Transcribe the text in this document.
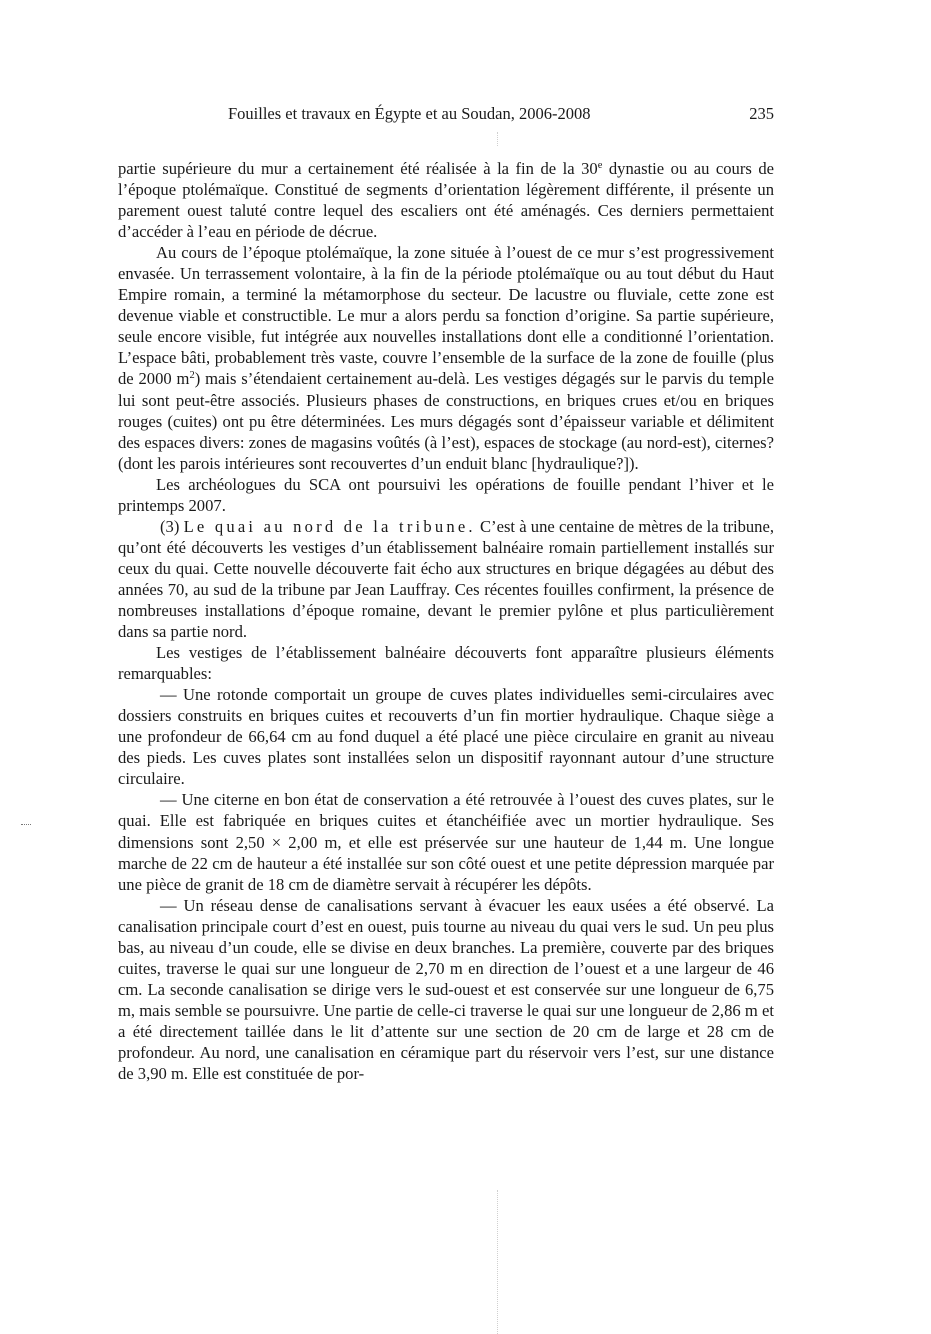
Fouilles et travaux en Égypte et au Soudan, 2006-2008	235

partie supérieure du mur a certainement été réalisée à la fin de la 30e dynastie ou au cours de l’époque ptolémaïque. Constitué de segments d’orientation légèrement différente, il présente un parement ouest taluté contre lequel des escaliers ont été aménagés. Ces derniers permettaient d’accéder à l’eau en période de décrue.

Au cours de l’époque ptolémaïque, la zone située à l’ouest de ce mur s’est progressivement envasée. Un terrassement volontaire, à la fin de la période ptolémaïque ou au tout début du Haut Empire romain, a terminé la métamorphose du secteur. De lacustre ou fluviale, cette zone est devenue viable et constructible. Le mur a alors perdu sa fonction d’origine. Sa partie supérieure, seule encore visible, fut intégrée aux nouvelles installations dont elle a conditionné l’orientation. L’espace bâti, probablement très vaste, couvre l’ensemble de la surface de la zone de fouille (plus de 2000 $m^2$) mais s’étendaient certainement au-delà. Les vestiges dégagés sur le parvis du temple lui sont peut-être associés. Plusieurs phases de constructions, en briques crues et/ou en briques rouges (cuites) ont pu être déterminées. Les murs dégagés sont d’épaisseur variable et délimitent des espaces divers: zones de magasins voûtés (à l’est), espaces de stockage (au nord-est), citernes? (dont les parois intérieures sont recouvertes d’un enduit blanc [hydraulique?]).

Les archéologues du SCA ont poursuivi les opérations de fouille pendant l’hiver et le printemps 2007.

(3) Le quai au nord de la tribune. C’est à une centaine de mètres de la tribune, qu’ont été découverts les vestiges d’un établissement balnéaire romain partiellement installés sur ceux du quai. Cette nouvelle découverte fait écho aux structures en brique dégagées au début des années 70, au sud de la tribune par Jean Lauffray. Ces récentes fouilles confirment, la présence de nombreuses installations d’époque romaine, devant le premier pylône et plus particulièrement dans sa partie nord.

Les vestiges de l’établissement balnéaire découverts font apparaître plusieurs éléments remarquables:

— Une rotonde comportait un groupe de cuves plates individuelles semi-circulaires avec dossiers construits en briques cuites et recouverts d’un fin mortier hydraulique. Chaque siège a une profondeur de 66,64 cm au fond duquel a été placé une pièce circulaire en granit au niveau des pieds. Les cuves plates sont installées selon un dispositif rayonnant autour d’une structure circulaire.

— Une citerne en bon état de conservation a été retrouvée à l’ouest des cuves plates, sur le quai. Elle est fabriquée en briques cuites et étanchéifiée avec un mortier hydraulique. Ses dimensions sont 2,50 × 2,00 m, et elle est préservée sur une hauteur de 1,44 m. Une longue marche de 22 cm de hauteur a été installée sur son côté ouest et une petite dépression marquée par une pièce de granit de 18 cm de diamètre servait à récupérer les dépôts.

— Un réseau dense de canalisations servant à évacuer les eaux usées a été observé. La canalisation principale court d’est en ouest, puis tourne au niveau du quai vers le sud. Un peu plus bas, au niveau d’un coude, elle se divise en deux branches. La première, couverte par des briques cuites, traverse le quai sur une longueur de 2,70 m en direction de l’ouest et a une largeur de 46 cm. La seconde canalisation se dirige vers le sud-ouest et est conservée sur une longueur de 6,75 m, mais semble se poursuivre. Une partie de celle-ci traverse le quai sur une longueur de 2,86 m et a été directement taillée dans le lit d’attente sur une section de 20 cm de large et 28 cm de profondeur. Au nord, une canalisation en céramique part du réservoir vers l’est, sur une distance de 3,90 m. Elle est constituée de por-
